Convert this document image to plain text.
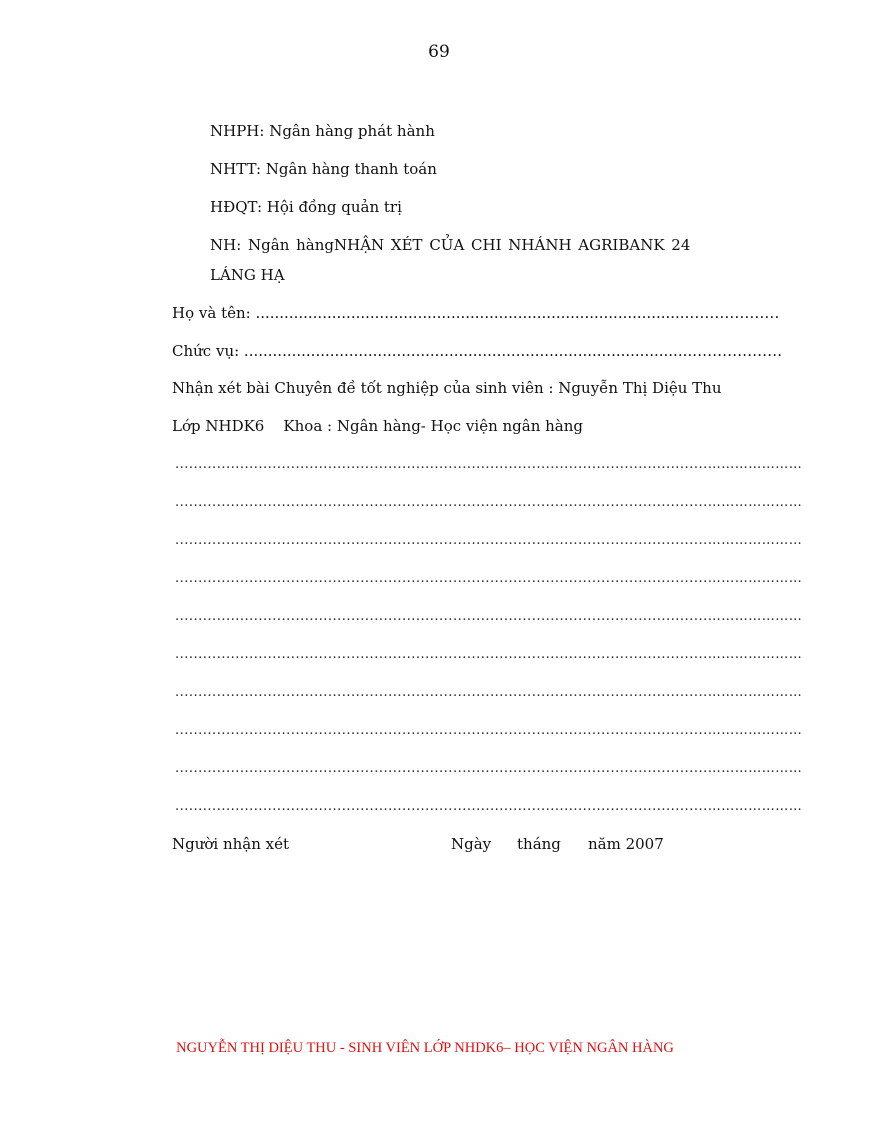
69
NHPH: Ngân hàng phát hành
NHTT: Ngân hàng thanh toán
HĐQT: Hội đồng quản trị
NH: Ngân hàngNHẬN XÉT CỦA CHI NHÁNH AGRIBANK 24
LÁNG HẠ
Họ và tên: ...........................................................................................………………
Chức vụ: ..............................................................................................………………
Nhận xét bài Chuyên đề tốt nghiệp của sinh viên : Nguyễn Thị Diệu Thu
Lớp NHDK6    Khoa : Ngân hàng- Học viện ngân hàng
...................................................................................................................…………………
...................................................................................................................…………………
...................................................................................................................…………………
...................................................................................................................…………………
...................................................................................................................…………………
...................................................................................................................…………………
...................................................................................................................…………………
...................................................................................................................…………………
...................................................................................................................…………………
...................................................................................................................…………………
Người nhận xét	Ngày tháng năm 2007
NGUYỄN THỊ DIỆU THU - SINH VIÊN LỚP NHDK6– HỌC VIỆN NGÂN HÀNG
